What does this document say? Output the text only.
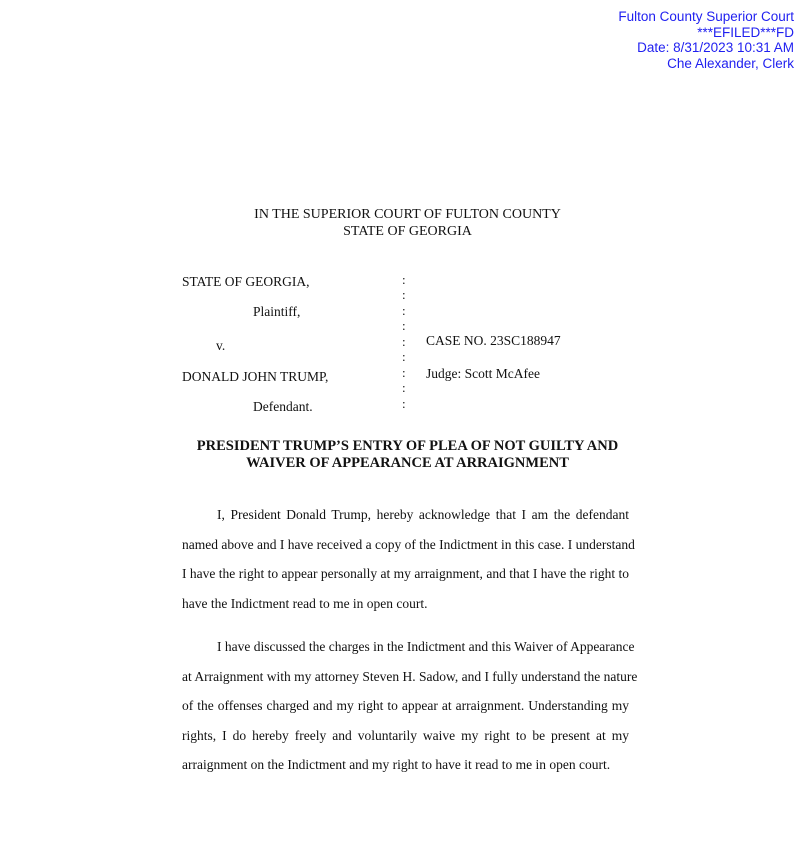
Fulton County Superior Court
***EFILED***FD
Date: 8/31/2023 10:31 AM
Che Alexander, Clerk
IN THE SUPERIOR COURT OF FULTON COUNTY
STATE OF GEORGIA
STATE OF GEORGIA,
Plaintiff,
v.
DONALD JOHN TRUMP,
Defendant.
CASE NO. 23SC188947
Judge: Scott McAfee
:
:
:
:
:
:
:
:
:
PRESIDENT TRUMP’S ENTRY OF PLEA OF NOT GUILTY AND
WAIVER OF APPEARANCE AT ARRAIGNMENT
I, President Donald Trump, hereby acknowledge that I am the defendant
named above and I have received a copy of the Indictment in this case. I understand
I have the right to appear personally at my arraignment, and that I have the right to
have the Indictment read to me in open court.
I have discussed the charges in the Indictment and this Waiver of Appearance
at Arraignment with my attorney Steven H. Sadow, and I fully understand the nature
of the offenses charged and my right to appear at arraignment. Understanding my
rights, I do hereby freely and voluntarily waive my right to be present at my
arraignment on the Indictment and my right to have it read to me in open court.
